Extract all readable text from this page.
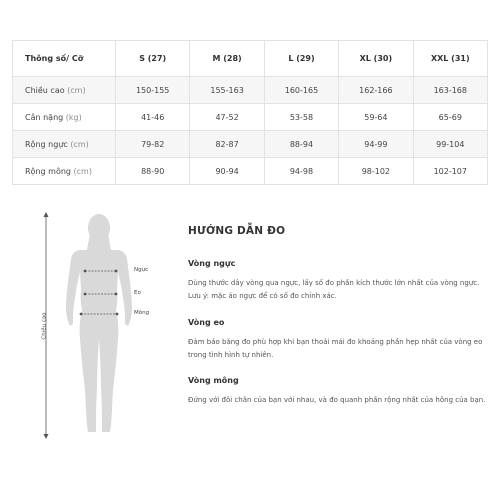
Thông số/ Cỡ	S (27)	M (28)	L (29)	XL (30)	XXL (31)
Chiều cao (cm)	150-155	155-163	160-165	162-166	163-168
Cân nặng (kg)	41-46	47-52	53-58	59-64	65-69
Rộng ngực (cm)	79-82	82-87	88-94	94-99	99-104
Rộng mông (cm)	88-90	90-94	94-98	98-102	102-107
Chiều cao
Ngực
Eo
Mông
HƯỚNG DẪN ĐO
Vòng ngực

Dùng thước dây vòng qua ngực, lấy số đo phần kích thước lớn nhất của vòng ngực. Lưu ý: mặc áo ngực để có số đo chính xác.

Vòng eo

Đảm bảo băng đo phù hợp khi bạn thoải mái đo khoảng phần hẹp nhất của vòng eo trong tình hình tự nhiên.

Vòng mông

Đứng với đôi chân của bạn với nhau, và đo quanh phần rộng nhất của hông của bạn.
